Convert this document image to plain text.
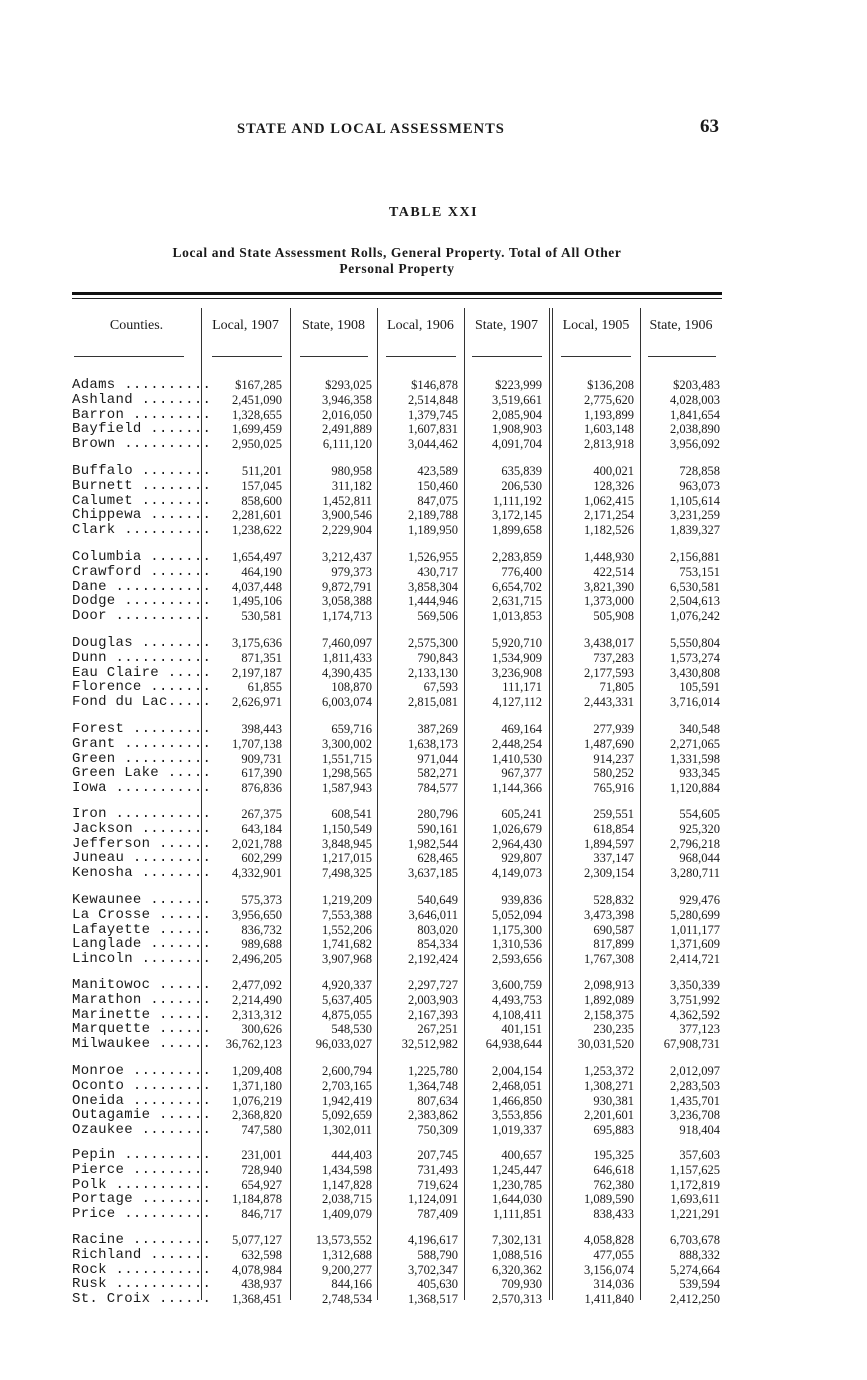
STATE AND LOCAL ASSESSMENTS	63
TABLE XXI
Local and State Assessment Rolls, General Property. Total of All Other
Personal Property
Counties.	Local, 1907	State, 1908	Local, 1906	State, 1907	Local, 1905	State, 1906
Adams ..........	$167,285	$293,025	$146,878	$223,999	$136,208	$203,483
Ashland ........	2,451,090	3,946,358	2,514,848	3,519,661	2,775,620	4,028,003
Barron .........	1,328,655	2,016,050	1,379,745	2,085,904	1,193,899	1,841,654
Bayfield .......	1,699,459	2,491,889	1,607,831	1,908,903	1,603,148	2,038,890
Brown ..........	2,950,025	6,111,120	3,044,462	4,091,704	2,813,918	3,956,092
Buffalo ........	511,201	980,958	423,589	635,839	400,021	728,858
Burnett ........	157,045	311,182	150,460	206,530	128,326	963,073
Calumet ........	858,600	1,452,811	847,075	1,111,192	1,062,415	1,105,614
Chippewa .......	2,281,601	3,900,546	2,189,788	3,172,145	2,171,254	3,231,259
Clark ..........	1,238,622	2,229,904	1,189,950	1,899,658	1,182,526	1,839,327
Columbia .......	1,654,497	3,212,437	1,526,955	2,283,859	1,448,930	2,156,881
Crawford .......	464,190	979,373	430,717	776,400	422,514	753,151
Dane ...........	4,037,448	9,872,791	3,858,304	6,654,702	3,821,390	6,530,581
Dodge ..........	1,495,106	3,058,388	1,444,946	2,631,715	1,373,000	2,504,613
Door ...........	530,581	1,174,713	569,506	1,013,853	505,908	1,076,242
Douglas ........	3,175,636	7,460,097	2,575,300	5,920,710	3,438,017	5,550,804
Dunn ...........	871,351	1,811,433	790,843	1,534,909	737,283	1,573,274
Eau Claire .....	2,197,187	4,390,435	2,133,130	3,236,908	2,177,593	3,430,808
Florence .......	61,855	108,870	67,593	111,171	71,805	105,591
Fond du Lac.....	2,626,971	6,003,074	2,815,081	4,127,112	2,443,331	3,716,014
Forest .........	398,443	659,716	387,269	469,164	277,939	340,548
Grant ..........	1,707,138	3,300,002	1,638,173	2,448,254	1,487,690	2,271,065
Green ..........	909,731	1,551,715	971,044	1,410,530	914,237	1,331,598
Green Lake .....	617,390	1,298,565	582,271	967,377	580,252	933,345
Iowa ...........	876,836	1,587,943	784,577	1,144,366	765,916	1,120,884
Iron ...........	267,375	608,541	280,796	605,241	259,551	554,605
Jackson ........	643,184	1,150,549	590,161	1,026,679	618,854	925,320
Jefferson ......	2,021,788	3,848,945	1,982,544	2,964,430	1,894,597	2,796,218
Juneau .........	602,299	1,217,015	628,465	929,807	337,147	968,044
Kenosha ........	4,332,901	7,498,325	3,637,185	4,149,073	2,309,154	3,280,711
Kewaunee .......	575,373	1,219,209	540,649	939,836	528,832	929,476
La Crosse ......	3,956,650	7,553,388	3,646,011	5,052,094	3,473,398	5,280,699
Lafayette ......	836,732	1,552,206	803,020	1,175,300	690,587	1,011,177
Langlade .......	989,688	1,741,682	854,334	1,310,536	817,899	1,371,609
Lincoln ........	2,496,205	3,907,968	2,192,424	2,593,656	1,767,308	2,414,721
Manitowoc ......	2,477,092	4,920,337	2,297,727	3,600,759	2,098,913	3,350,339
Marathon .......	2,214,490	5,637,405	2,003,903	4,493,753	1,892,089	3,751,992
Marinette ......	2,313,312	4,875,055	2,167,393	4,108,411	2,158,375	4,362,592
Marquette ......	300,626	548,530	267,251	401,151	230,235	377,123
Milwaukee ......	36,762,123	96,033,027	32,512,982	64,938,644	30,031,520	67,908,731
Monroe .........	1,209,408	2,600,794	1,225,780	2,004,154	1,253,372	2,012,097
Oconto .........	1,371,180	2,703,165	1,364,748	2,468,051	1,308,271	2,283,503
Oneida .........	1,076,219	1,942,419	807,634	1,466,850	930,381	1,435,701
Outagamie ......	2,368,820	5,092,659	2,383,862	3,553,856	2,201,601	3,236,708
Ozaukee ........	747,580	1,302,011	750,309	1,019,337	695,883	918,404
Pepin ..........	231,001	444,403	207,745	400,657	195,325	357,603
Pierce .........	728,940	1,434,598	731,493	1,245,447	646,618	1,157,625
Polk ...........	654,927	1,147,828	719,624	1,230,785	762,380	1,172,819
Portage ........	1,184,878	2,038,715	1,124,091	1,644,030	1,089,590	1,693,611
Price ..........	846,717	1,409,079	787,409	1,111,851	838,433	1,221,291
Racine .........	5,077,127	13,573,552	4,196,617	7,302,131	4,058,828	6,703,678
Richland .......	632,598	1,312,688	588,790	1,088,516	477,055	888,332
Rock ...........	4,078,984	9,200,277	3,702,347	6,320,362	3,156,074	5,274,664
Rusk ...........	438,937	844,166	405,630	709,930	314,036	539,594
St. Croix ......	1,368,451	2,748,534	1,368,517	2,570,313	1,411,840	2,412,250
